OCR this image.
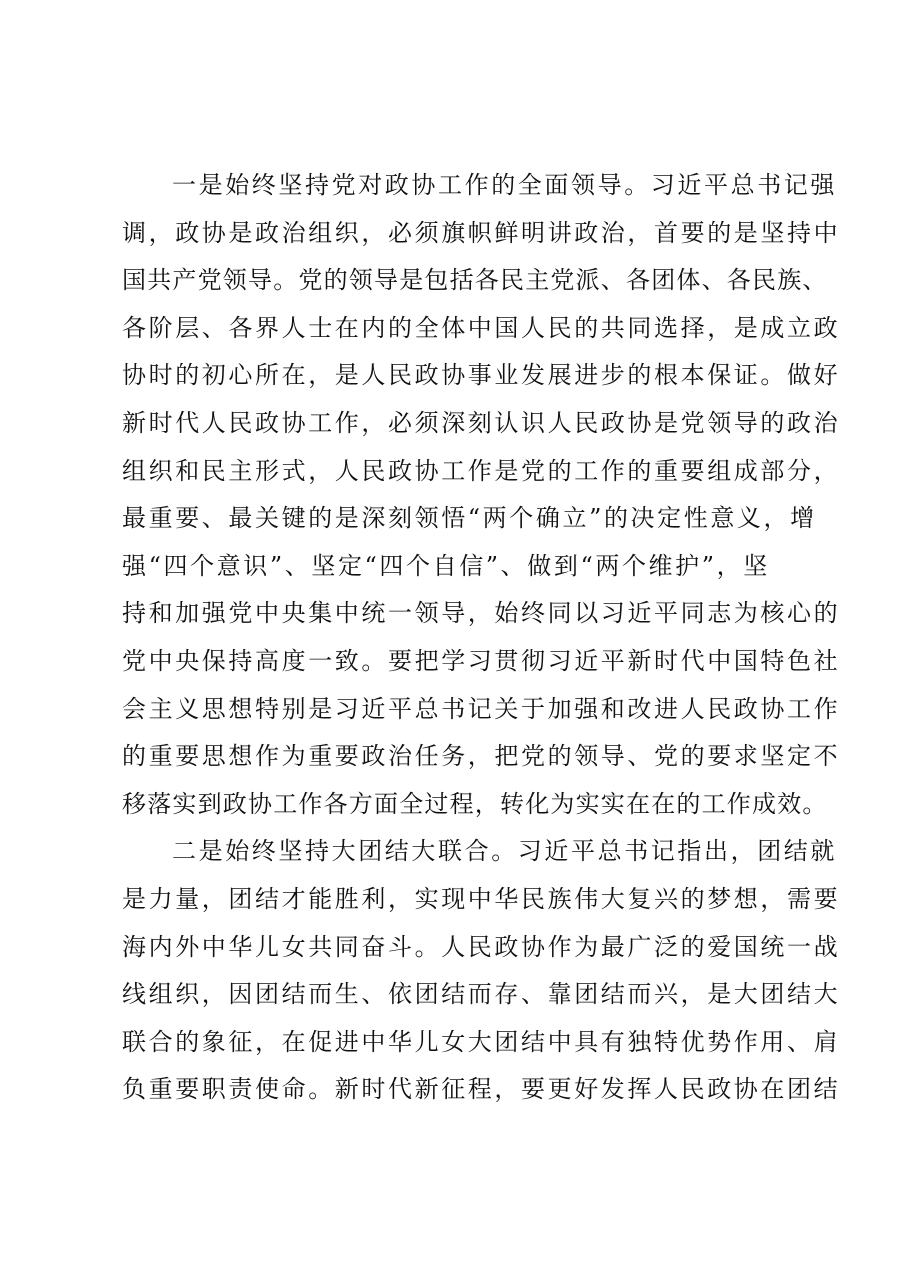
一是始终坚持党对政协工作的全面领导。习近平总书记强
调，政协是政治组织，必须旗帜鲜明讲政治，首要的是坚持中
国共产党领导。党的领导是包括各民主党派、各团体、各民族、
各阶层、各界人士在内的全体中国人民的共同选择，是成立政
协时的初心所在，是人民政协事业发展进步的根本保证。做好
新时代人民政协工作，必须深刻认识人民政协是党领导的政治
组织和民主形式，人民政协工作是党的工作的重要组成部分，
最重要、最关键的是深刻领悟“两个确立”的决定性意义，增
强“四个意识”、坚定“四个自信”、做到“两个维护”，坚
持和加强党中央集中统一领导，始终同以习近平同志为核心的
党中央保持高度一致。要把学习贯彻习近平新时代中国特色社
会主义思想特别是习近平总书记关于加强和改进人民政协工作
的重要思想作为重要政治任务，把党的领导、党的要求坚定不
移落实到政协工作各方面全过程，转化为实实在在的工作成效。
二是始终坚持大团结大联合。习近平总书记指出，团结就
是力量，团结才能胜利，实现中华民族伟大复兴的梦想，需要
海内外中华儿女共同奋斗。人民政协作为最广泛的爱国统一战
线组织，因团结而生、依团结而存、靠团结而兴，是大团结大
联合的象征，在促进中华儿女大团结中具有独特优势作用、肩
负重要职责使命。新时代新征程，要更好发挥人民政协在团结
